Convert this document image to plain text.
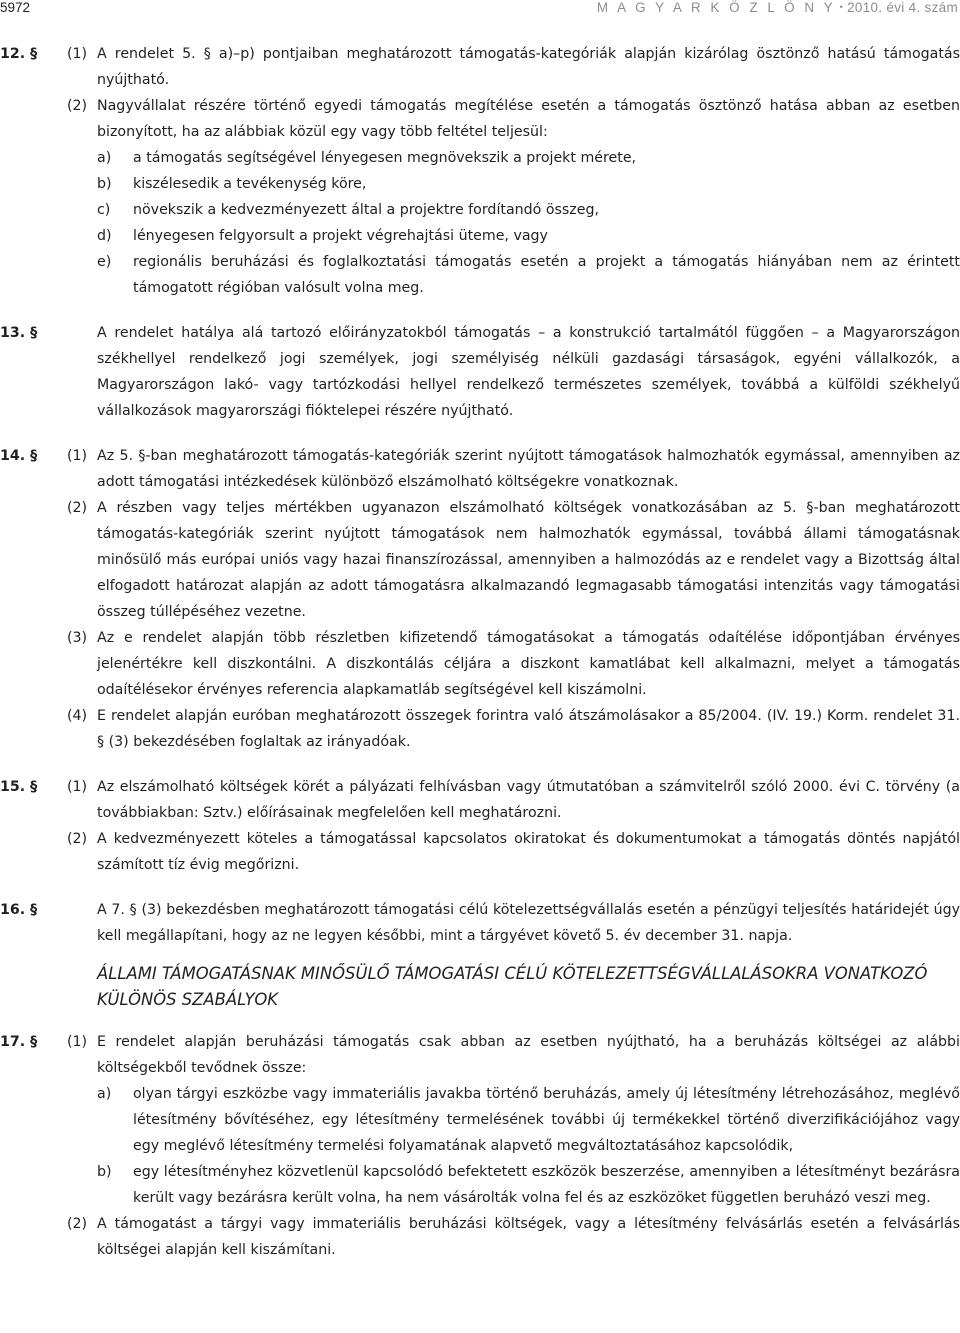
5972	M A G Y A R K Ö Z L Ö N Y • 2010. évi 4. szám
12. § (1) A rendelet 5. § a)–p) pontjaiban meghatározott támogatás-kategóriák alapján kizárólag ösztönző hatású támogatás nyújtható.
(2) Nagyvállalat részére történő egyedi támogatás megítélése esetén a támogatás ösztönző hatása abban az esetben bizonyított, ha az alábbiak közül egy vagy több feltétel teljesül:
a) a támogatás segítségével lényegesen megnövekszik a projekt mérete,
b) kiszélesedik a tevékenység köre,
c) növekszik a kedvezményezett által a projektre fordítandó összeg,
d) lényegesen felgyorsult a projekt végrehajtási üteme, vagy
e) regionális beruházási és foglalkoztatási támogatás esetén a projekt a támogatás hiányában nem az érintett támogatott régióban valósult volna meg.
13. §	A rendelet hatálya alá tartozó előirányzatokból támogatás – a konstrukció tartalmától függően – a Magyarországon székhellyel rendelkező jogi személyek, jogi személyiség nélküli gazdasági társaságok, egyéni vállalkozók, a Magyarországon lakó- vagy tartózkodási hellyel rendelkező természetes személyek, továbbá a külföldi székhelyű vállalkozások magyarországi fióktelepei részére nyújtható.
14. § (1) Az 5. §-ban meghatározott támogatás-kategóriák szerint nyújtott támogatások halmozhatók egymással, amennyiben az adott támogatási intézkedések különböző elszámolható költségekre vonatkoznak.
(2) A részben vagy teljes mértékben ugyanazon elszámolható költségek vonatkozásában az 5. §-ban meghatározott támogatás-kategóriák szerint nyújtott támogatások nem halmozhatók egymással, továbbá állami támogatásnak minősülő más európai uniós vagy hazai finanszírozással, amennyiben a halmozódás az e rendelet vagy a Bizottság által elfogadott határozat alapján az adott támogatásra alkalmazandó legmagasabb támogatási intenzitás vagy támogatási összeg túllépéséhez vezetne.
(3) Az e rendelet alapján több részletben kifizetendő támogatásokat a támogatás odaítélése időpontjában érvényes jelenértékre kell diszkontálni. A diszkontálás céljára a diszkont kamatlábat kell alkalmazni, melyet a támogatás odaítélésekor érvényes referencia alapkamatláb segítségével kell kiszámolni.
(4) E rendelet alapján euróban meghatározott összegek forintra való átszámolásakor a 85/2004. (IV. 19.) Korm. rendelet 31. § (3) bekezdésében foglaltak az irányadóak.
15. § (1) Az elszámolható költségek körét a pályázati felhívásban vagy útmutatóban a számvitelről szóló 2000. évi C. törvény (a továbbiakban: Sztv.) előírásainak megfelelően kell meghatározni.
(2) A kedvezményezett köteles a támogatással kapcsolatos okiratokat és dokumentumokat a támogatás döntés napjától számított tíz évig megőrizni.
16. §	A 7. § (3) bekezdésben meghatározott támogatási célú kötelezettségvállalás esetén a pénzügyi teljesítés határidejét úgy kell megállapítani, hogy az ne legyen későbbi, mint a tárgyévet követő 5. év december 31. napja.
ÁLLAMI TÁMOGATÁSNAK MINŐSÜLŐ TÁMOGATÁSI CÉLÚ KÖTELEZETTSÉGVÁLLALÁSOKRA VONATKOZÓ KÜLÖNÖS SZABÁLYOK
17. § (1) E rendelet alapján beruházási támogatás csak abban az esetben nyújtható, ha a beruházás költségei az alábbi költségekből tevődnek össze:
a) olyan tárgyi eszközbe vagy immateriális javakba történő beruházás, amely új létesítmény létrehozásához, meglévő létesítmény bővítéséhez, egy létesítmény termelésének további új termékekkel történő diverzifikációjához vagy egy meglévő létesítmény termelési folyamatának alapvető megváltoztatásához kapcsolódik,
b) egy létesítményhez közvetlenül kapcsolódó befektetett eszközök beszerzése, amennyiben a létesítményt bezárásra került vagy bezárásra került volna, ha nem vásárolták volna fel és az eszközöket független beruházó veszi meg.
(2) A támogatást a tárgyi vagy immateriális beruházási költségek, vagy a létesítmény felvásárlás esetén a felvásárlás költségei alapján kell kiszámítani.
